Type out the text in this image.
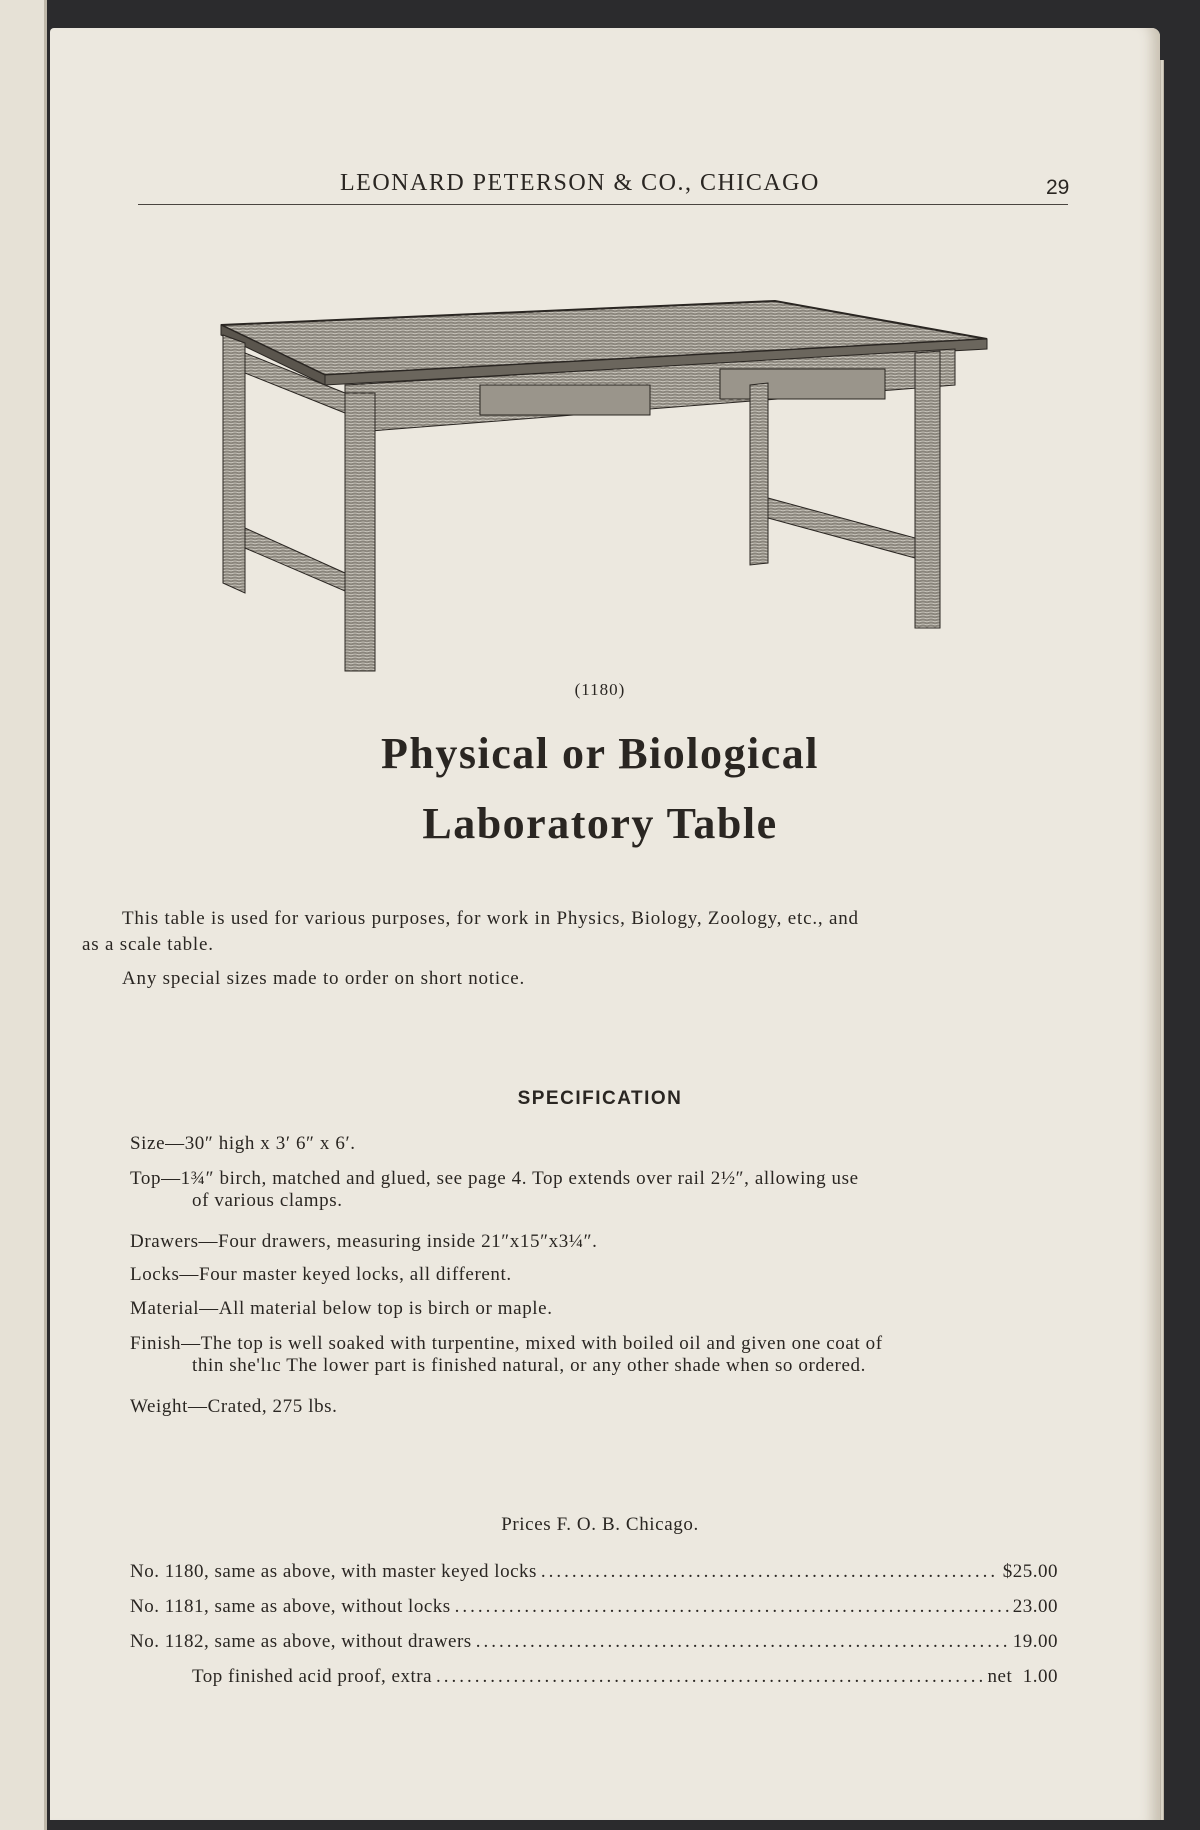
LEONARD PETERSON & CO., CHICAGO	29
(1180)
Physical or Biological
Laboratory Table
This table is used for various purposes, for work in Physics, Biology, Zoology, etc., and
as a scale table.
Any special sizes made to order on short notice.
SPECIFICATION
Size—30″ high x 3′ 6″ x 6′.
Top—1¾″ birch, matched and glued, see page 4. Top extends over rail 2½″, allowing use
of various clamps.
Drawers—Four drawers, measuring inside 21″x15″x3¼″.
Locks—Four master keyed locks, all different.
Material—All material below top is birch or maple.
Finish—The top is well soaked with turpentine, mixed with boiled oil and given one coat of
thin she'lıc The lower part is finished natural, or any other shade when so ordered.
Weight—Crated, 275 lbs.
Prices F. O. B. Chicago.
No. 1180, same as above, with master keyed locks .....	$25.00
No. 1181, same as above, without locks .....	23.00
No. 1182, same as above, without drawers .....	19.00
Top finished acid proof, extra .....	net  1.00
